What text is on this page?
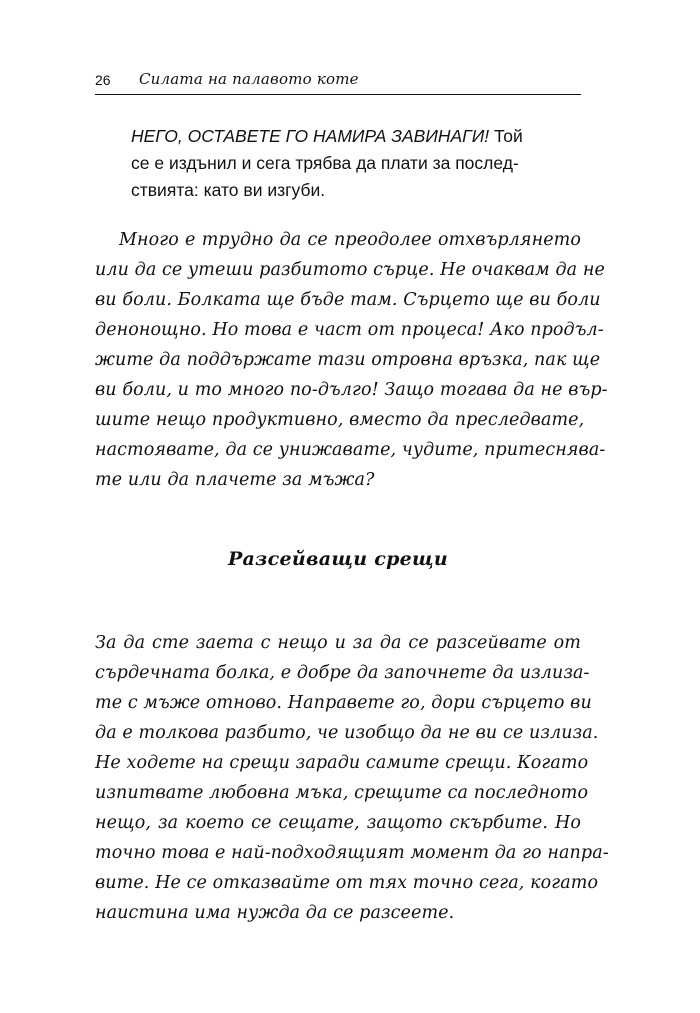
26 Силата на палавото коте
НЕГО, ОСТАВЕТЕ ГО НАМИРА ЗАВИНАГИ! Той
се е издънил и сега трябва да плати за послед-
ствията: като ви изгуби.
Много е трудно да се преодолее отхвърлянето
или да се утеши разбитото сърце. Не очаквам да не
ви боли. Болката ще бъде там. Сърцето ще ви боли
денонощно. Но това е част от процеса! Ако продъл-
жите да поддържате тази отровна връзка, пак ще
ви боли, и то много по-дълго! Защо тогава да не вър-
шите нещо продуктивно, вместо да преследвате,
настоявате, да се унижавате, чудите, притеснява-
те или да плачете за мъжа?
Разсейващи срещи
За да сте заета с нещо и за да се разсейвате от
сърдечната болка, е добре да започнете да излиза-
те с мъже отново. Направете го, дори сърцето ви
да е толкова разбито, че изобщо да не ви се излиза.
Не ходете на срещи заради самите срещи. Когато
изпитвате любовна мъка, срещите са последното
нещо, за което се сещате, защото скърбите. Но
точно това е най-подходящият момент да го напра-
вите. Не се отказвайте от тях точно сега, когато
наистина има нужда да се разсеете.
